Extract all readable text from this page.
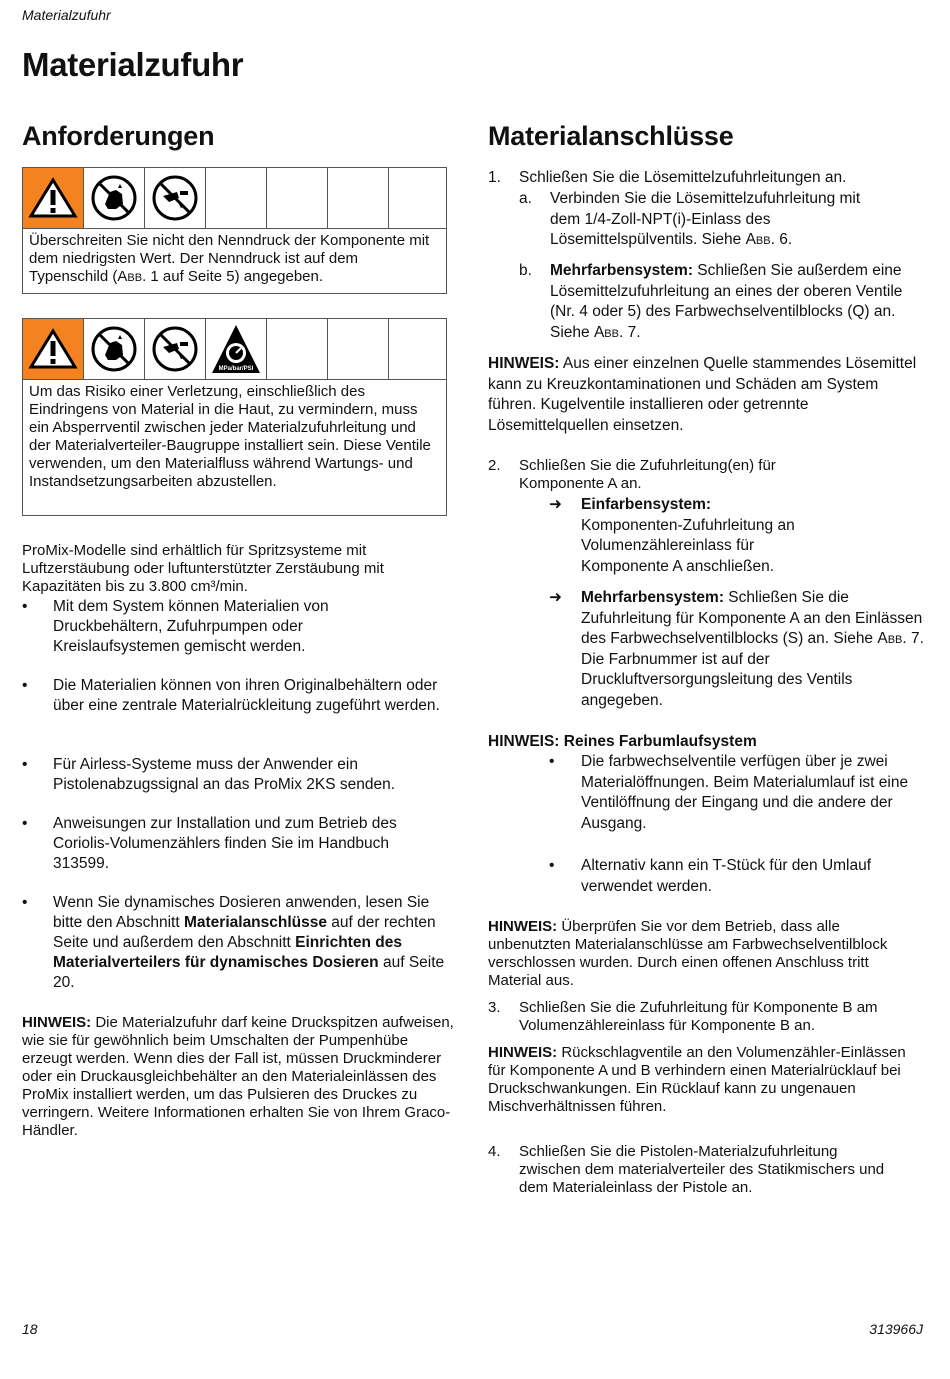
Materialzufuhr
Materialzufuhr
Anforderungen
Überschreiten Sie nicht den Nenndruck der Komponente mit dem niedrigsten Wert. Der Nenndruck ist auf dem Typenschild (Abb. 1 auf Seite 5) angegeben.
MPa/bar/PSI
Um das Risiko einer Verletzung, einschließlich des Eindringens von Material in die Haut, zu vermindern, muss ein Absperrventil zwischen jeder Materialzufuhrleitung und der Materialverteiler-Baugruppe installiert sein. Diese Ventile verwenden, um den Materialfluss während Wartungs- und Instandsetzungsarbeiten abzustellen.
ProMix-Modelle sind erhältlich für Spritzsysteme mit Luftzerstäubung oder luftunterstützter Zerstäubung mit Kapazitäten bis zu 3.800 cm³/min.
• Mit dem System können Materialien von Druckbehältern, Zufuhrpumpen oder Kreislaufsystemen gemischt werden.
• Die Materialien können von ihren Originalbehältern oder über eine zentrale Materialrückleitung zugeführt werden.
• Für Airless-Systeme muss der Anwender ein Pistolenabzugssignal an das ProMix 2KS senden.
• Anweisungen zur Installation und zum Betrieb des Coriolis-Volumenzählers finden Sie im Handbuch 313599.
• Wenn Sie dynamisches Dosieren anwenden, lesen Sie bitte den Abschnitt Materialanschlüsse auf der rechten Seite und außerdem den Abschnitt Einrichten des Materialverteilers für dynamisches Dosieren auf Seite 20.
HINWEIS: Die Materialzufuhr darf keine Druckspitzen aufweisen, wie sie für gewöhnlich beim Umschalten der Pumpenhübe erzeugt werden. Wenn dies der Fall ist, müssen Druckminderer oder ein Druckausgleichbehälter an den Materialeinlässen des ProMix installiert werden, um das Pulsieren des Druckes zu verringern. Weitere Informationen erhalten Sie von Ihrem Graco-Händler.
Materialanschlüsse
1. Schließen Sie die Lösemittelzufuhrleitungen an.
a. Verbinden Sie die Lösemittelzufuhrleitung mit dem 1/4-Zoll-NPT(i)-Einlass des Lösemittelspülventils. Siehe Abb. 6.
b. Mehrfarbensystem: Schließen Sie außerdem eine Lösemittelzufuhrleitung an eines der oberen Ventile (Nr. 4 oder 5) des Farbwechselventilblocks (Q) an. Siehe Abb. 7.
HINWEIS: Aus einer einzelnen Quelle stammendes Lösemittel kann zu Kreuzkontaminationen und Schäden am System führen. Kugelventile installieren oder getrennte Lösemittelquellen einsetzen.
2. Schließen Sie die Zufuhrleitung(en) für Komponente A an.
➜ Einfarbensystem:
Komponenten-Zufuhrleitung an Volumenzählereinlass für Komponente A anschließen.
➜ Mehrfarbensystem: Schließen Sie die Zufuhrleitung für Komponente A an den Einlässen des Farbwechselventilblocks (S) an. Siehe Abb. 7. Die Farbnummer ist auf der Druckluftversorgungsleitung des Ventils angegeben.
HINWEIS: Reines Farbumlaufsystem
• Die farbwechselventile verfügen über je zwei Materialöffnungen. Beim Materialumlauf ist eine Ventilöffnung der Eingang und die andere der Ausgang.
• Alternativ kann ein T-Stück für den Umlauf verwendet werden.
HINWEIS: Überprüfen Sie vor dem Betrieb, dass alle unbenutzten Materialanschlüsse am Farbwechselventilblock verschlossen wurden. Durch einen offenen Anschluss tritt Material aus.
3. Schließen Sie die Zufuhrleitung für Komponente B am Volumenzählereinlass für Komponente B an.
HINWEIS: Rückschlagventile an den Volumenzähler-Einlässen für Komponente A und B verhindern einen Materialrücklauf bei Druckschwankungen. Ein Rücklauf kann zu ungenauen Mischverhältnissen führen.
4. Schließen Sie die Pistolen-Materialzufuhrleitung zwischen dem materialverteiler des Statikmischers und dem Materialeinlass der Pistole an.
18	313966J
